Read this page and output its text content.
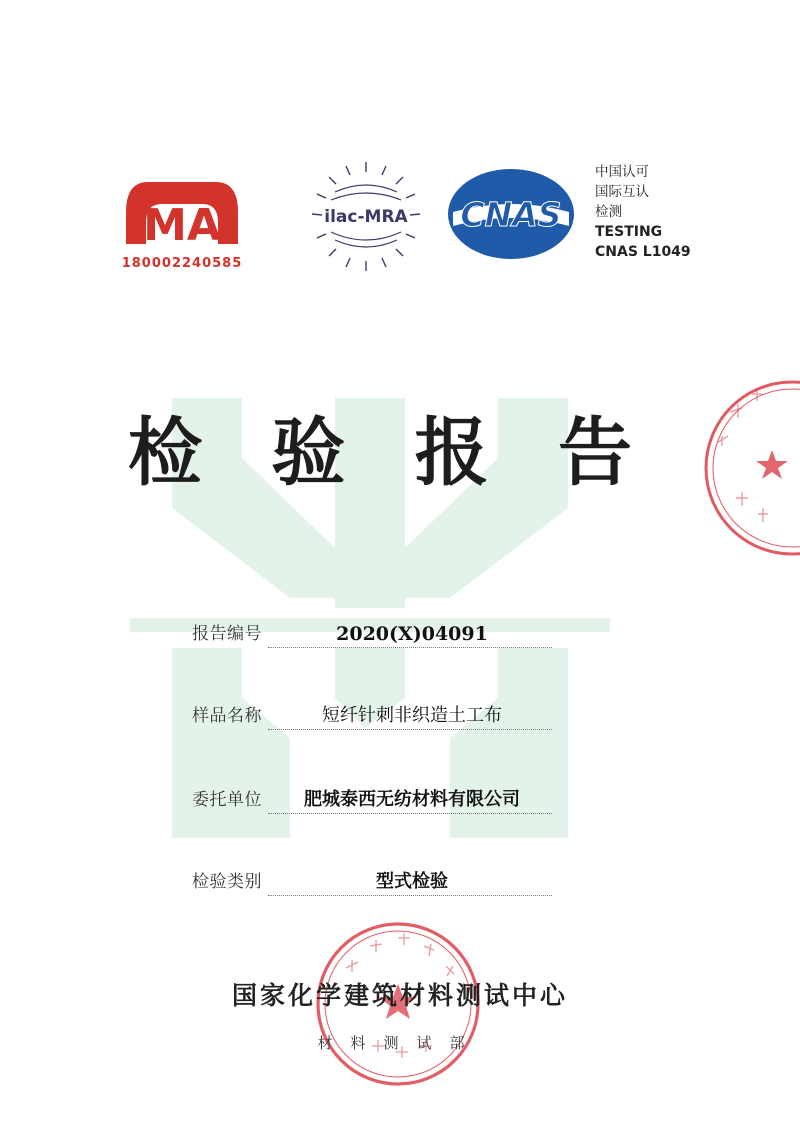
MA
18000224058​5
ilac-MRA CNAS
中国认可
国际互认
检测
TESTING
CNAS L1049
检 验 报 告
报告编号	2020(X)04091
样品名称	短纤针刺非织造土工布
委托单位	肥城泰西无纺材料有限公司
检验类别	型式检验
国家化学建筑材料测试中心
材料测试部
